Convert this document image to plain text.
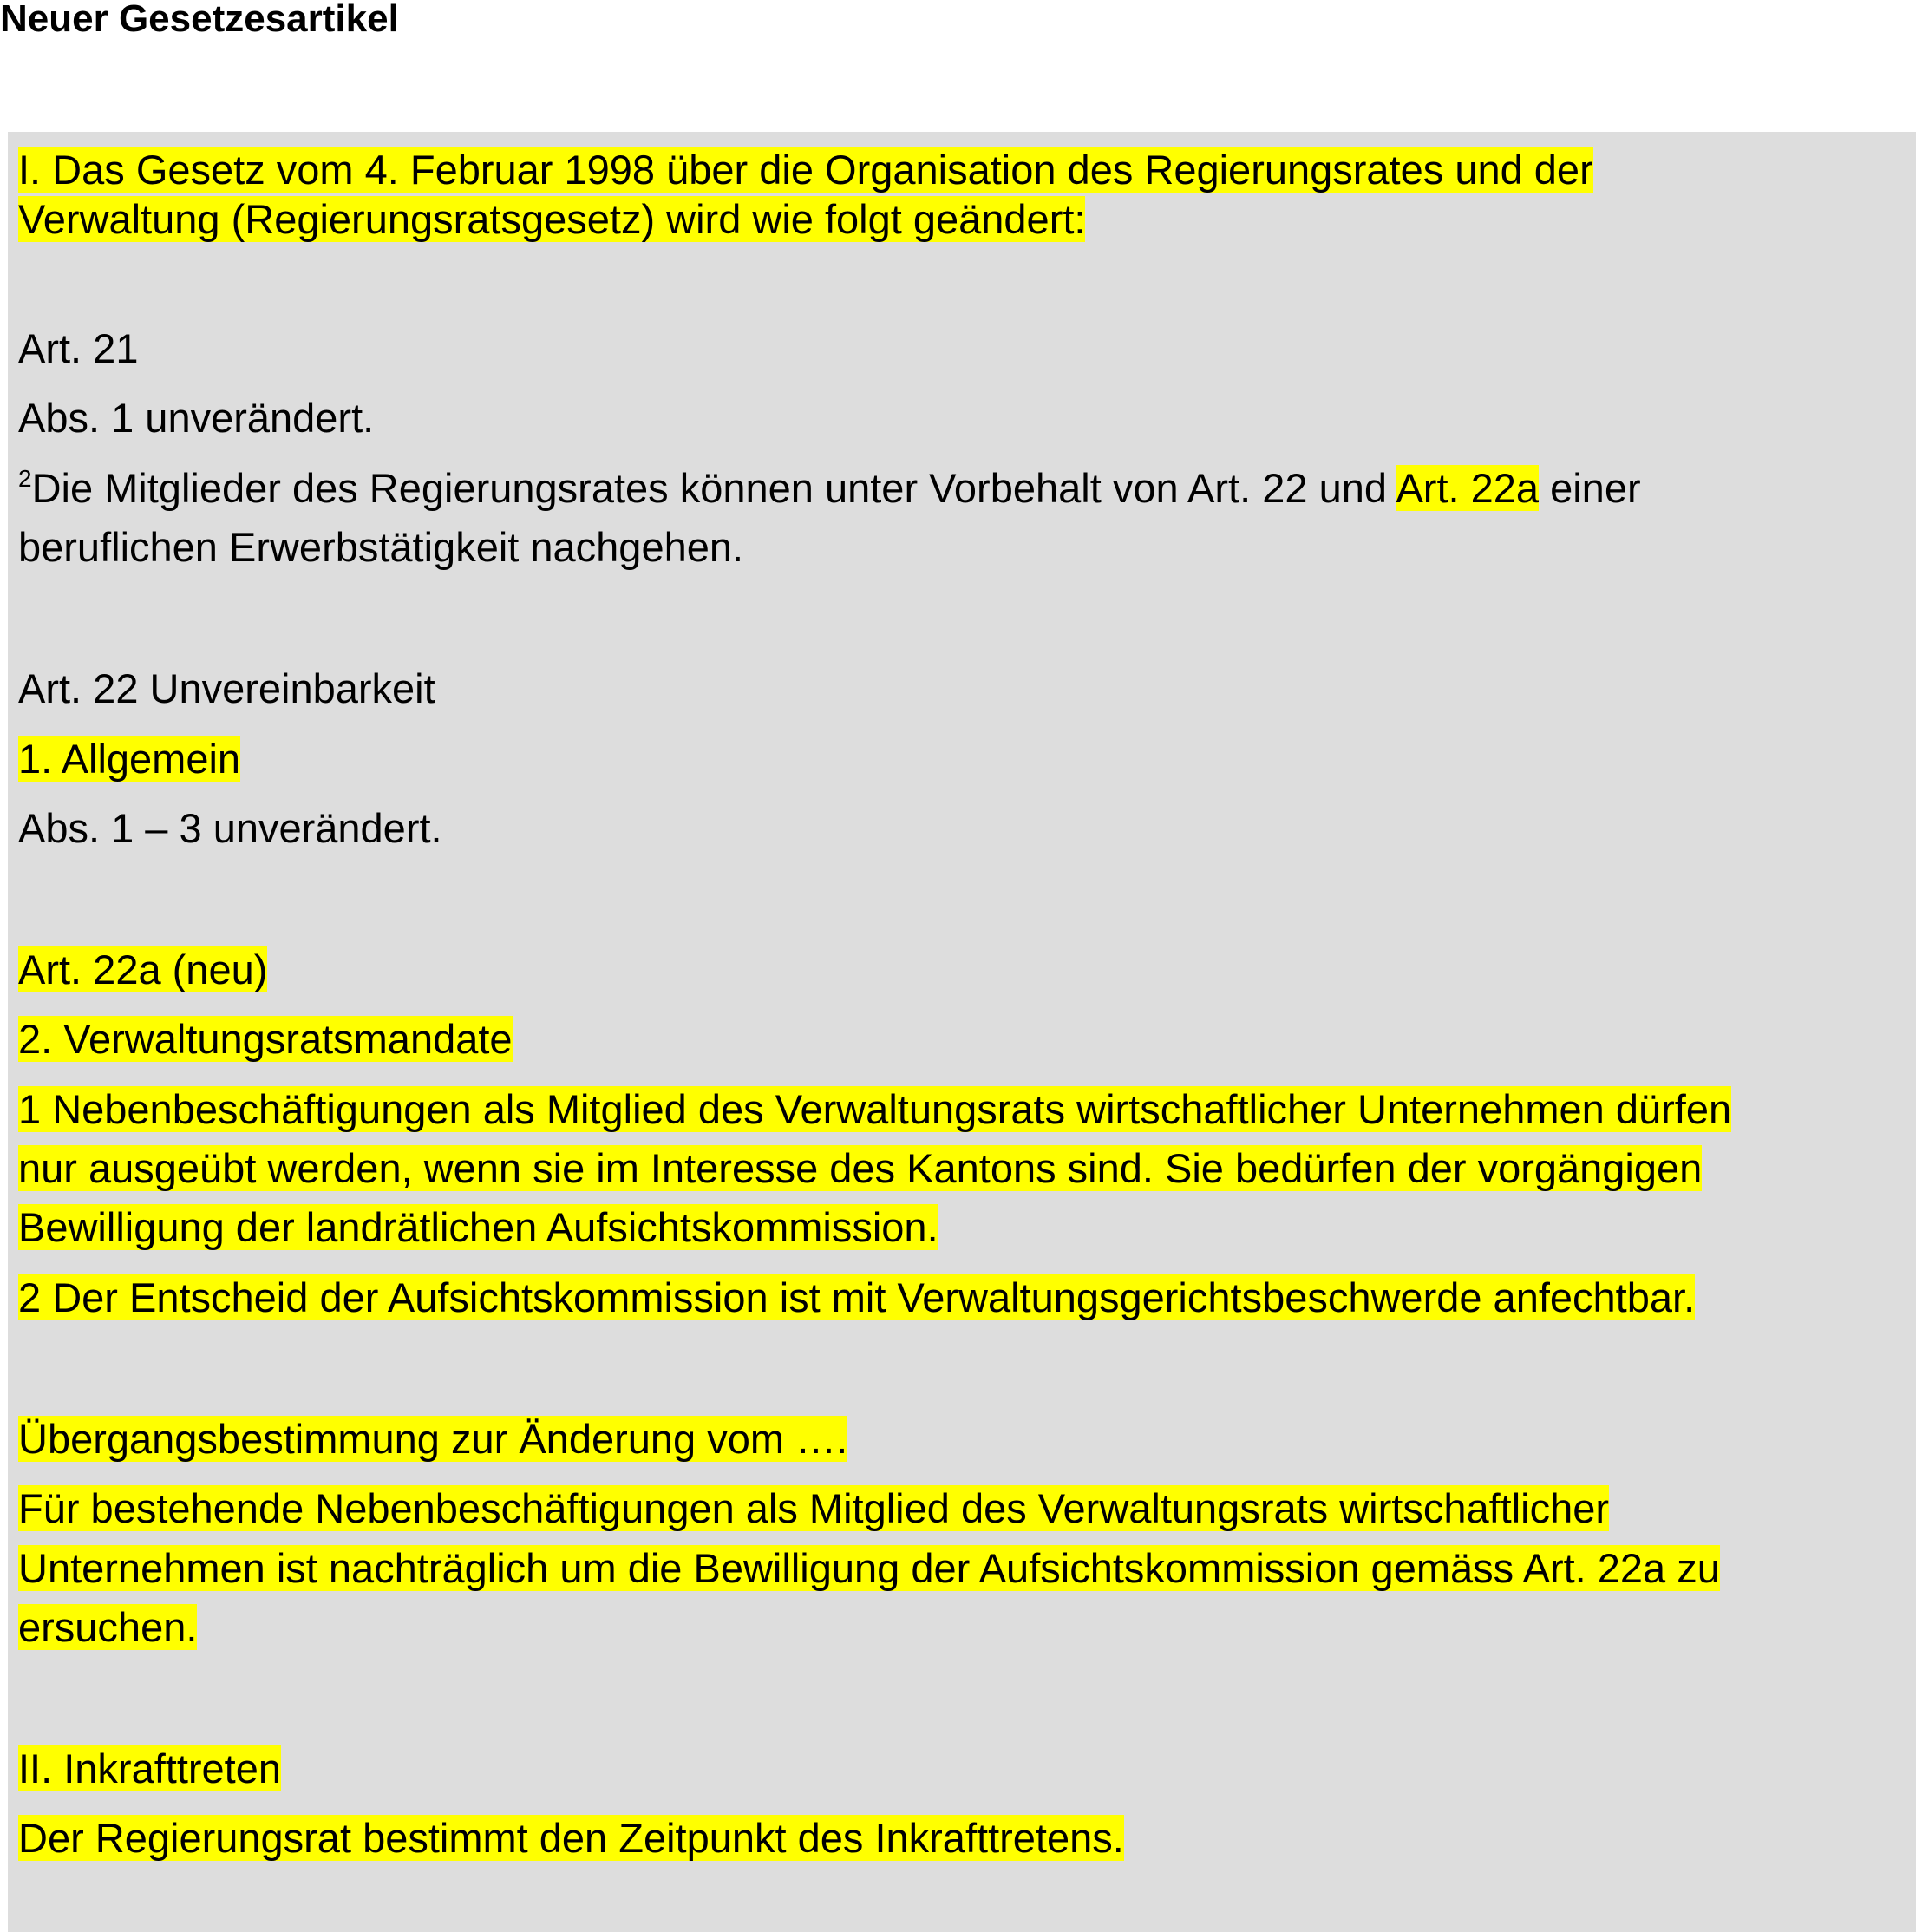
Neuer Gesetzesartikel

I. Das Gesetz vom 4. Februar 1998 über die Organisation des Regierungsrates und der

Verwaltung (Regierungsratsgesetz) wird wie folgt geändert:

Art. 21

Abs. 1 unverändert.

$^2$Die Mitglieder des Regierungsrates können unter Vorbehalt von Art. 22 und Art. 22a einer

beruflichen Erwerbstätigkeit nachgehen.

Art. 22 Unvereinbarkeit

1. Allgemein

Abs. 1 – 3 unverändert.

Art. 22a (neu)

2. Verwaltungsratsmandate

1 Nebenbeschäftigungen als Mitglied des Verwaltungsrats wirtschaftlicher Unternehmen dürfen

nur ausgeübt werden, wenn sie im Interesse des Kantons sind. Sie bedürfen der vorgängigen

Bewilligung der landrätlichen Aufsichtskommission.

2 Der Entscheid der Aufsichtskommission ist mit Verwaltungsgerichtsbeschwerde anfechtbar.

Übergangsbestimmung zur Änderung vom ….

Für bestehende Nebenbeschäftigungen als Mitglied des Verwaltungsrats wirtschaftlicher

Unternehmen ist nachträglich um die Bewilligung der Aufsichtskommission gemäss Art. 22a zu

ersuchen.

II. Inkrafttreten

Der Regierungsrat bestimmt den Zeitpunkt des Inkrafttretens.
